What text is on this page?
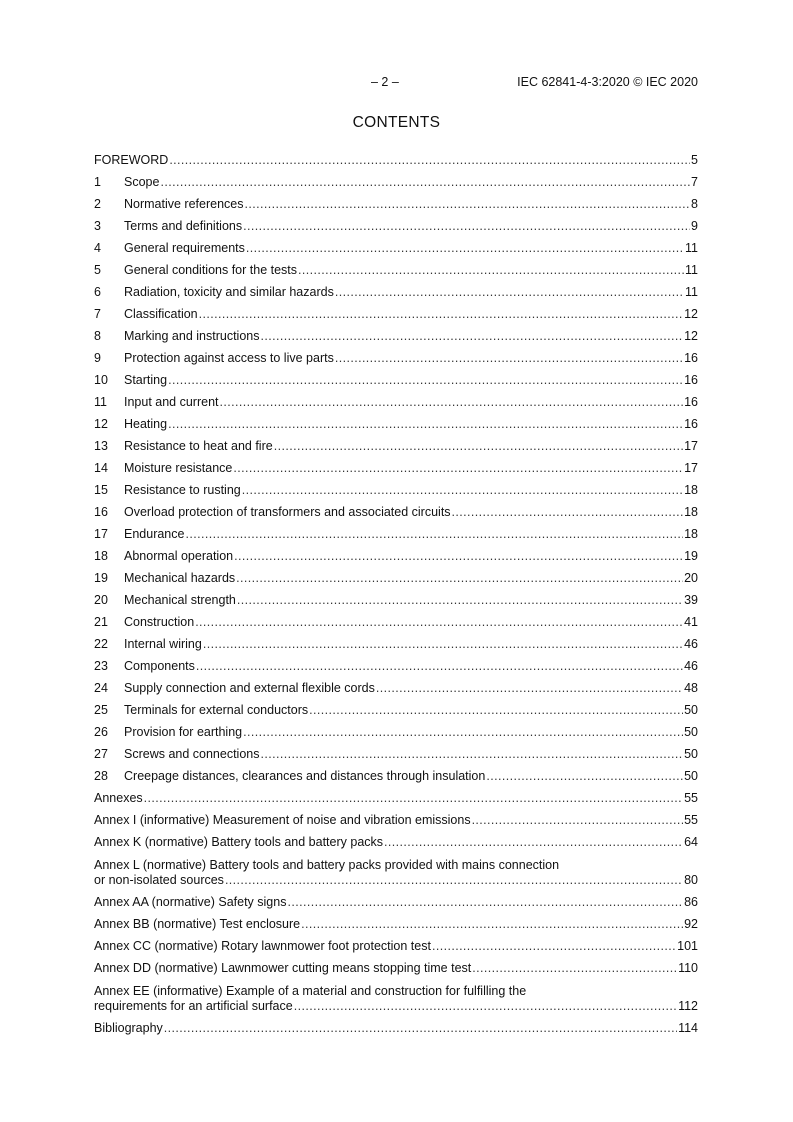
– 2 –	IEC 62841-4-3:2020 © IEC 2020
CONTENTS
FOREWORD .....	5
1	Scope .....	7
2	Normative references .....	8
3	Terms and definitions .....	9
4	General requirements .....	11
5	General conditions for the tests .....	11
6	Radiation, toxicity and similar hazards .....	11
7	Classification .....	12
8	Marking and instructions .....	12
9	Protection against access to live parts .....	16
10	Starting .....	16
11	Input and current .....	16
12	Heating .....	16
13	Resistance to heat and fire .....	17
14	Moisture resistance .....	17
15	Resistance to rusting .....	18
16	Overload protection of transformers and associated circuits .....	18
17	Endurance .....	18
18	Abnormal operation .....	19
19	Mechanical hazards .....	20
20	Mechanical strength .....	39
21	Construction .....	41
22	Internal wiring .....	46
23	Components .....	46
24	Supply connection and external flexible cords .....	48
25	Terminals for external conductors .....	50
26	Provision for earthing .....	50
27	Screws and connections .....	50
28	Creepage distances, clearances and distances through insulation .....	50
Annexes .....	55
Annex I (informative) Measurement of noise and vibration emissions .....	55
Annex K (normative) Battery tools and battery packs .....	64
Annex L (normative) Battery tools and battery packs provided with mains connection
or non-isolated sources .....	80
Annex AA (normative) Safety signs .....	86
Annex BB (normative) Test enclosure .....	92
Annex CC (normative) Rotary lawnmower foot protection test .....	101
Annex DD (normative) Lawnmower cutting means stopping time test .....	110
Annex EE (informative) Example of a material and construction for fulfilling the
requirements for an artificial surface .....	112
Bibliography .....	114
